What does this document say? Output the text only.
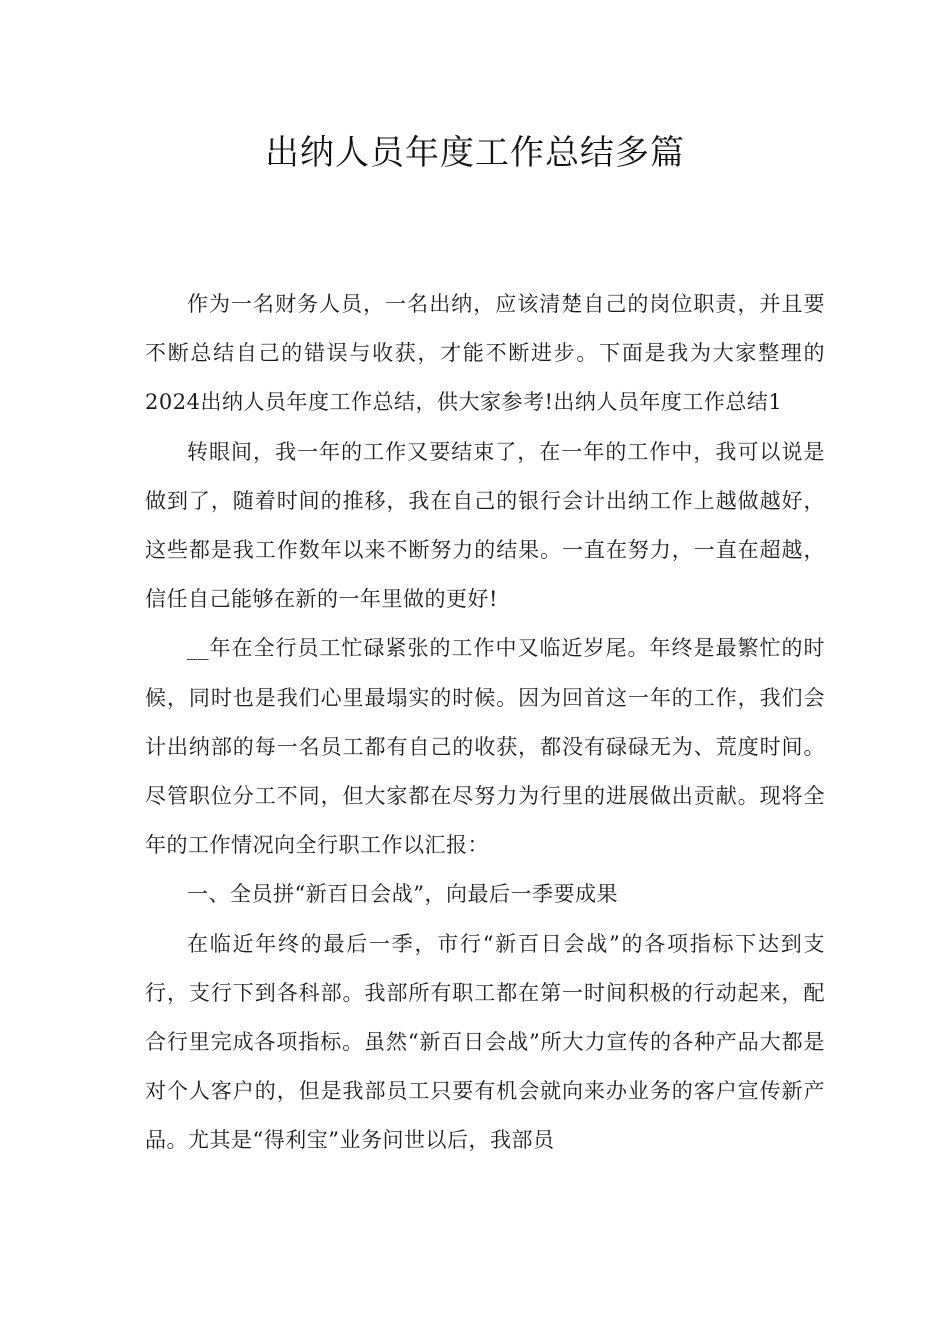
出纳人员年度工作总结多篇

作为一名财务人员，一名出纳，应该清楚自己的岗位职责，并且要不断总结自己的错误与收获，才能不断进步。下面是我为大家整理的2024出纳人员年度工作总结，供大家参考!出纳人员年度工作总结1

转眼间，我一年的工作又要结束了，在一年的工作中，我可以说是做到了，随着时间的推移，我在自己的银行会计出纳工作上越做越好，这些都是我工作数年以来不断努力的结果。一直在努力，一直在超越，信任自己能够在新的一年里做的更好!

__年在全行员工忙碌紧张的工作中又临近岁尾。年终是最繁忙的时候，同时也是我们心里最塌实的时候。因为回首这一年的工作，我们会计出纳部的每一名员工都有自己的收获，都没有碌碌无为、荒度时间。尽管职位分工不同，但大家都在尽努力为行里的进展做出贡献。现将全年的工作情况向全行职工作以汇报：

一、全员拼“新百日会战”，向最后一季要成果

在临近年终的最后一季，市行“新百日会战”的各项指标下达到支行，支行下到各科部。我部所有职工都在第一时间积极的行动起来，配合行里完成各项指标。虽然“新百日会战”所大力宣传的各种产品大都是对个人客户的，但是我部员工只要有机会就向来办业务的客户宣传新产品。尤其是“得利宝”业务问世以后，我部员
